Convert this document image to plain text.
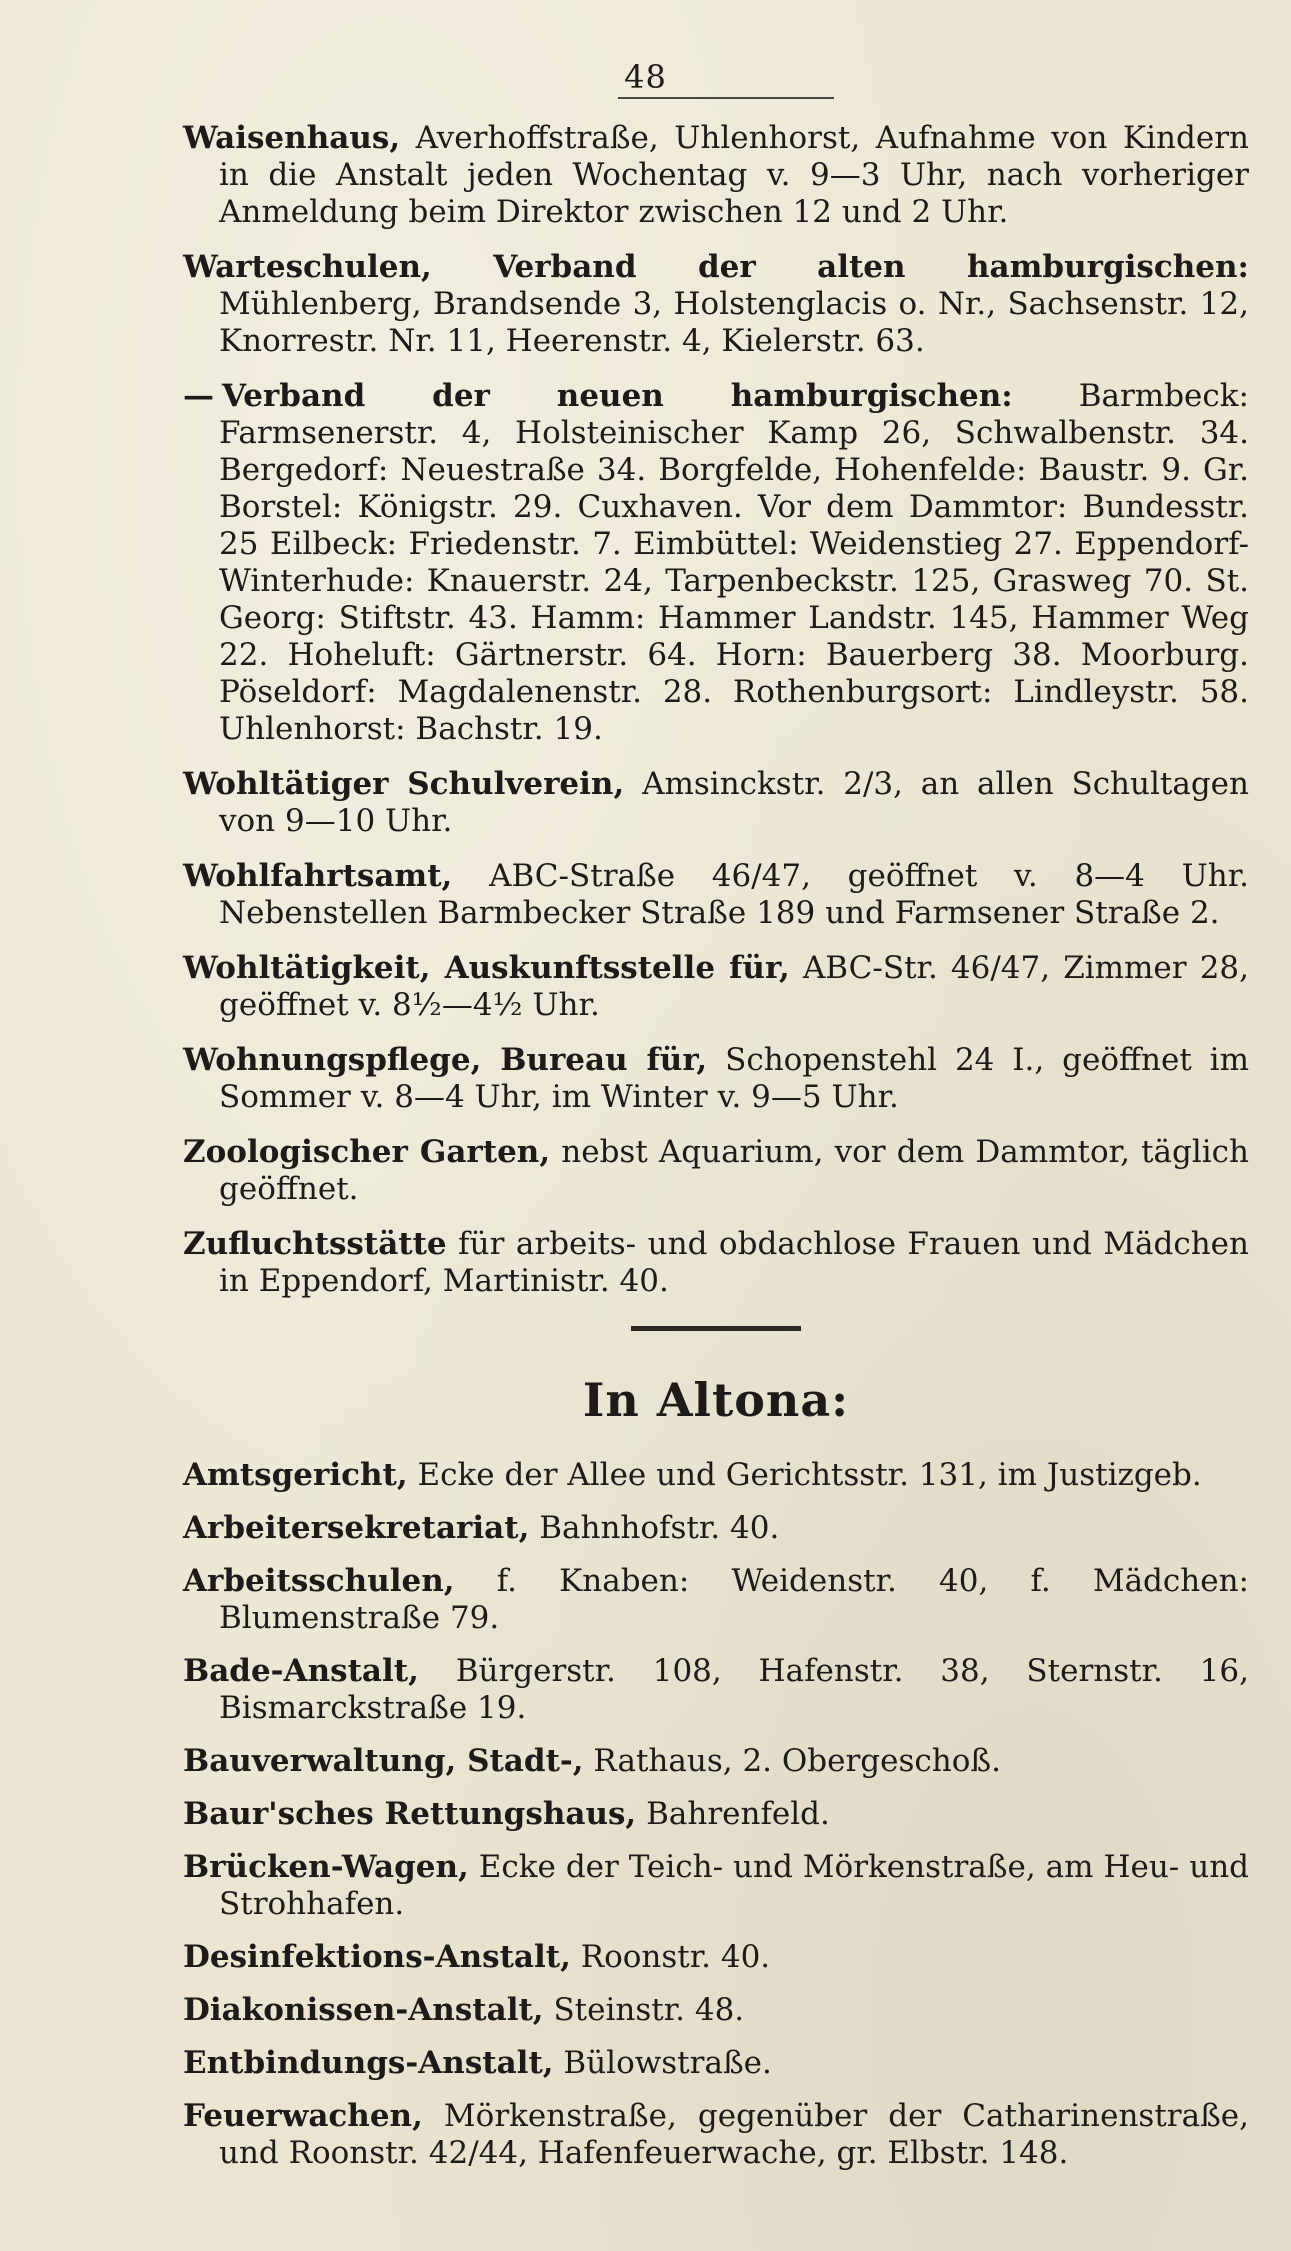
48

Waisenhaus, Averhoffstraße, Uhlenhorst, Aufnahme von Kindern in die Anstalt jeden Wochentag v. 9—3 Uhr, nach vorheriger Anmeldung beim Direktor zwischen 12 und 2 Uhr.

Warteschulen, Verband der alten hamburgischen: Mühlenberg, Brandsende 3, Holstenglacis o. Nr., Sachsenstr. 12, Knorrestr. Nr. 11, Heerenstr. 4, Kielerstr. 63.

— Verband der neuen hamburgischen: Barmbeck: Farmsenerstr. 4, Holsteinischer Kamp 26, Schwalbenstr. 34. Bergedorf: Neuestraße 34. Borgfelde, Hohenfelde: Baustr. 9. Gr. Borstel: Königstr. 29. Cuxhaven. Vor dem Dammtor: Bundesstr. 25 Eilbeck: Friedenstr. 7. Eimbüttel: Weidenstieg 27. Eppendorf-Winterhude: Knauerstr. 24, Tarpenbeckstr. 125, Grasweg 70. St. Georg: Stiftstr. 43. Hamm: Hammer Landstr. 145, Hammer Weg 22. Hoheluft: Gärtnerstr. 64. Horn: Bauerberg 38. Moorburg. Pöseldorf: Magdalenenstr. 28. Rothenburgsort: Lindleystr. 58. Uhlenhorst: Bachstr. 19.

Wohltätiger Schulverein, Amsinckstr. 2/3, an allen Schultagen von 9—10 Uhr.

Wohlfahrtsamt, ABC-Straße 46/47, geöffnet v. 8—4 Uhr. Nebenstellen Barmbecker Straße 189 und Farmsener Straße 2.

Wohltätigkeit, Auskunftsstelle für, ABC-Str. 46/47, Zimmer 28, geöffnet v. 8½—4½ Uhr.

Wohnungspflege, Bureau für, Schopenstehl 24 I., geöffnet im Sommer v. 8—4 Uhr, im Winter v. 9—5 Uhr.

Zoologischer Garten, nebst Aquarium, vor dem Dammtor, täglich geöffnet.

Zufluchtsstätte für arbeits- und obdachlose Frauen und Mädchen in Eppendorf, Martinistr. 40.

In Altona:

Amtsgericht, Ecke der Allee und Gerichtsstr. 131, im Justizgeb.

Arbeitersekretariat, Bahnhofstr. 40.

Arbeitsschulen, f. Knaben: Weidenstr. 40, f. Mädchen: Blumenstraße 79.

Bade-Anstalt, Bürgerstr. 108, Hafenstr. 38, Sternstr. 16, Bismarckstraße 19.

Bauverwaltung, Stadt-, Rathaus, 2. Obergeschoß.

Baur'sches Rettungshaus, Bahrenfeld.

Brücken-Wagen, Ecke der Teich- und Mörkenstraße, am Heu- und Strohhafen.

Desinfektions-Anstalt, Roonstr. 40.

Diakonissen-Anstalt, Steinstr. 48.

Entbindungs-Anstalt, Bülowstraße.

Feuerwachen, Mörkenstraße, gegenüber der Catharinenstraße, und Roonstr. 42/44, Hafenfeuerwache, gr. Elbstr. 148.
